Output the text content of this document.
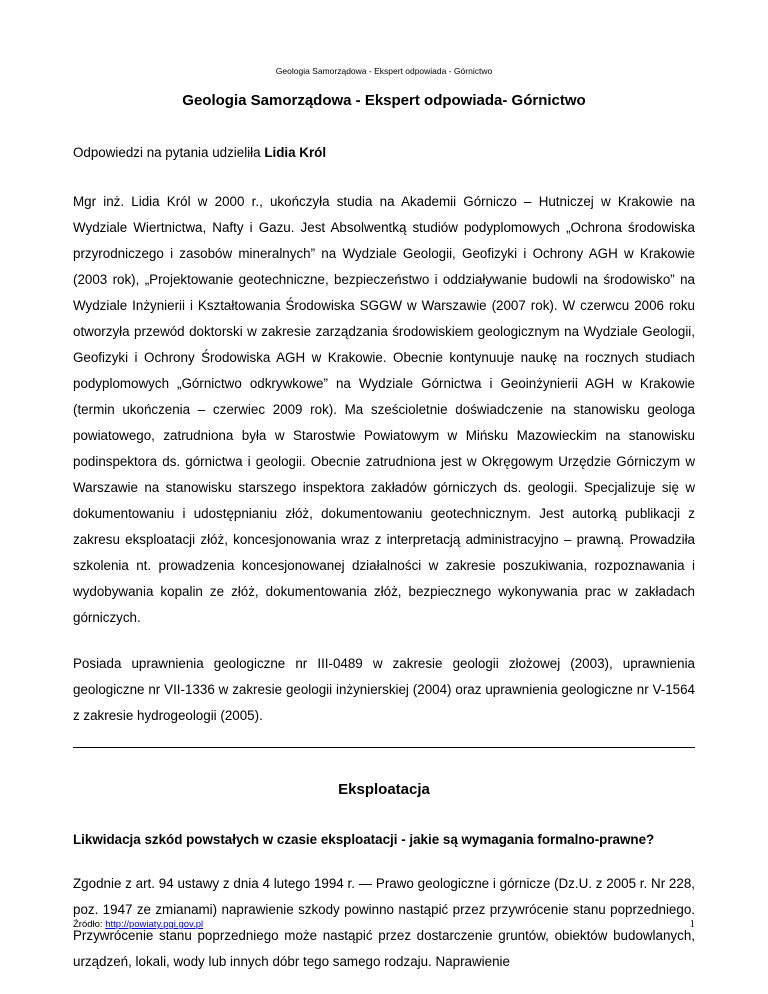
Geologia Samorządowa - Ekspert odpowiada - Górnictwo
Geologia Samorządowa - Ekspert odpowiada- Górnictwo

Odpowiedzi na pytania udzieliła Lidia Król

Mgr inż. Lidia Król w 2000 r., ukończyła studia na Akademii Górniczo – Hutniczej w Krakowie na Wydziale Wiertnictwa, Nafty i Gazu. Jest Absolwentką studiów podyplomowych „Ochrona środowiska przyrodniczego i zasobów mineralnych” na Wydziale Geologii, Geofizyki i Ochrony AGH w Krakowie (2003 rok), „Projektowanie geotechniczne, bezpieczeństwo i oddziaływanie budowli na środowisko” na Wydziale Inżynierii i Kształtowania Środowiska SGGW w Warszawie (2007 rok). W czerwcu 2006 roku otworzyła przewód doktorski w zakresie zarządzania środowiskiem geologicznym na Wydziale Geologii, Geofizyki i Ochrony Środowiska AGH w Krakowie. Obecnie kontynuuje naukę na rocznych studiach podyplomowych „Górnictwo odkrywkowe” na Wydziale Górnictwa i Geoinżynierii AGH w Krakowie (termin ukończenia – czerwiec 2009 rok). Ma sześcioletnie doświadczenie na stanowisku geologa powiatowego, zatrudniona była w Starostwie Powiatowym w Mińsku Mazowieckim na stanowisku podinspektora ds. górnictwa i geologii. Obecnie zatrudniona jest w Okręgowym Urzędzie Górniczym w Warszawie na stanowisku starszego inspektora zakładów górniczych ds. geologii. Specjalizuje się w dokumentowaniu i udostępnianiu złóż, dokumentowaniu geotechnicznym. Jest autorką publikacji z zakresu eksploatacji złóż, koncesjonowania wraz z interpretacją administracyjno – prawną. Prowadziła szkolenia nt. prowadzenia koncesjonowanej działalności w zakresie poszukiwania, rozpoznawania i wydobywania kopalin ze złóż, dokumentowania złóż, bezpiecznego wykonywania prac w zakładach górniczych.

Posiada uprawnienia geologiczne nr III-0489 w zakresie geologii złożowej (2003), uprawnienia geologiczne nr VII-1336 w zakresie geologii inżynierskiej (2004) oraz uprawnienia geologiczne nr V-1564 z zakresie hydrogeologii (2005).

Eksploatacja

Likwidacja szkód powstałych w czasie eksploatacji - jakie są wymagania formalno-prawne?

Zgodnie z art. 94 ustawy z dnia 4 lutego 1994 r. — Prawo geologiczne i górnicze (Dz.U. z 2005 r. Nr 228, poz. 1947 ze zmianami) naprawienie szkody powinno nastąpić przez przywrócenie stanu poprzedniego. Przywrócenie stanu poprzedniego może nastąpić przez dostarczenie gruntów, obiektów budowlanych, urządzeń, lokali, wody lub innych dóbr tego samego rodzaju. Naprawienie

Źródło: http://powiaty.pgi.gov.pl	1
